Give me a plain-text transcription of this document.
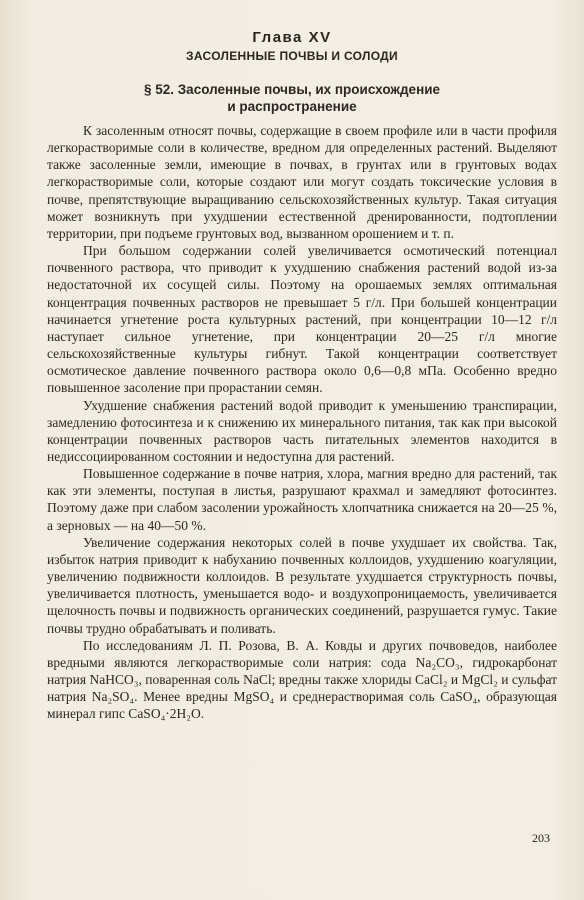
Глава XV
ЗАСОЛЕННЫЕ ПОЧВЫ И СОЛОДИ
§ 52. Засоленные почвы, их происхождение
и распространение

К засоленным относят почвы, содержащие в своем профиле или в части профиля легкорастворимые соли в количестве, вредном для определенных растений. Выделяют также засоленные земли, имеющие в почвах, в грунтах или в грунтовых водах легкорастворимые соли, которые создают или могут создать токсические условия в почве, препятствующие выращиванию сельскохозяйственных культур. Такая ситуация может возникнуть при ухудшении естественной дренированности, подтоплении территории, при подъеме грунтовых вод, вызванном орошением и т. п.

При большом содержании солей увеличивается осмотический потенциал почвенного раствора, что приводит к ухудшению снабжения растений водой из-за недостаточной их сосущей силы. Поэтому на орошаемых землях оптимальная концентрация почвенных растворов не превышает 5 г/л. При большей концентрации начинается угнетение роста культурных растений, при концентрации 10—12 г/л наступает сильное угнетение, при концентрации 20—25 г/л многие сельскохозяйственные культуры гибнут. Такой концентрации соответствует осмотическое давление почвенного раствора около 0,6—0,8 мПа. Особенно вредно повышенное засоление при прорастании семян.

Ухудшение снабжения растений водой приводит к уменьшению транспирации, замедлению фотосинтеза и к снижению их минерального питания, так как при высокой концентрации почвенных растворов часть питательных элементов находится в недиссоциированном состоянии и недоступна для растений.

Повышенное содержание в почве натрия, хлора, магния вредно для растений, так как эти элементы, поступая в листья, разрушают крахмал и замедляют фотосинтез. Поэтому даже при слабом засолении урожайность хлопчатника снижается на 20—25 %, а зерновых — на 40—50 %.

Увеличение содержания некоторых солей в почве ухудшает их свойства. Так, избыток натрия приводит к набуханию почвенных коллоидов, ухудшению коагуляции, увеличению подвижности коллоидов. В результате ухудшается структурность почвы, увеличивается плотность, уменьшается водо- и воздухопроницаемость, увеличивается щелочность почвы и подвижность органических соединений, разрушается гумус. Такие почвы трудно обрабатывать и поливать.

По исследованиям Л. П. Розова, В. А. Ковды и других почвоведов, наиболее вредными являются легкорастворимые соли натрия: сода Na₂CO₃, гидрокарбонат натрия NaHCO₃, поваренная соль NaCl; вредны также хлориды CaCl₂ и MgCl₂ и сульфат натрия Na₂SO₄. Менее вредны MgSO₄ и среднерастворимая соль CaSO₄, образующая минерал гипс CaSO₄·2H₂O.

203
